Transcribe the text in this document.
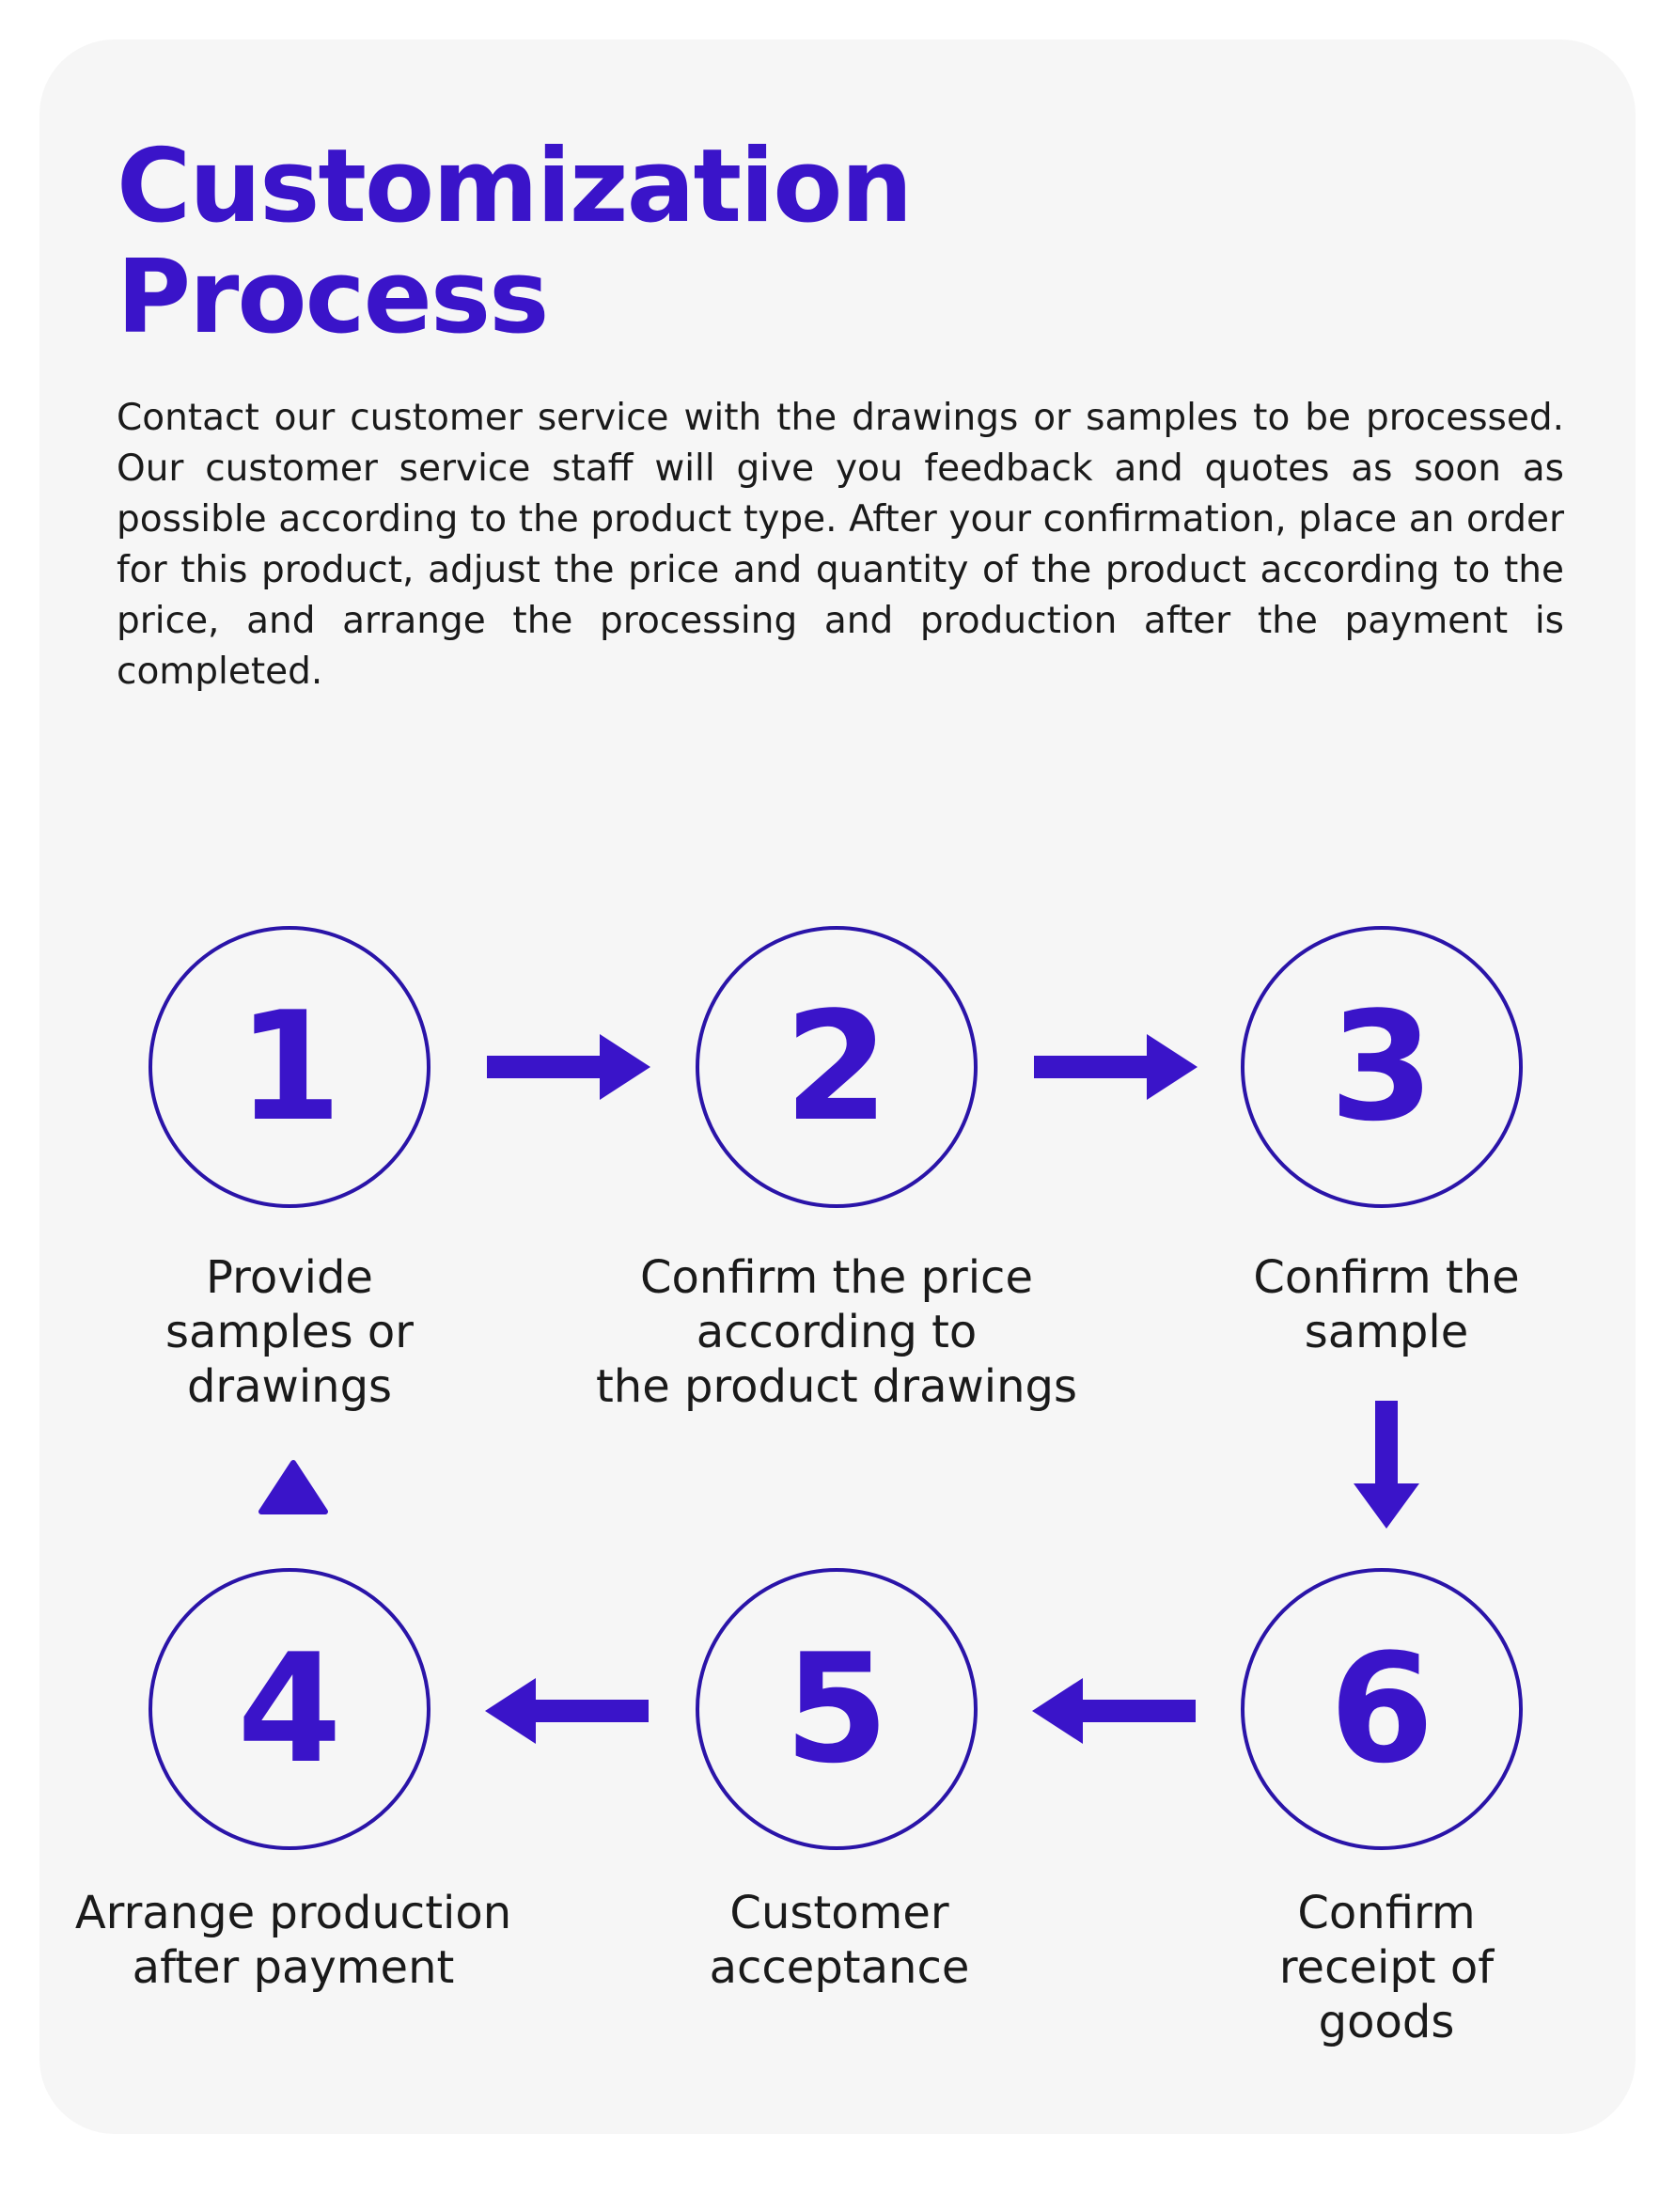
Customization
Process

Contact our customer service with the drawings or samples to be processed. Our customer service staff will give you feedback and quotes as soon as possible according to the product type. After your confirmation, place an order for this product, adjust the price and quantity of the product according to the price, and arrange the processing and production after the payment is completed.

1
Provide
samples or
drawings
2
Confirm the price
according to
the product drawings
3
Confirm the
sample
4
Arrange production
after payment
5
Customer
acceptance
6
Confirm
receipt of
goods
